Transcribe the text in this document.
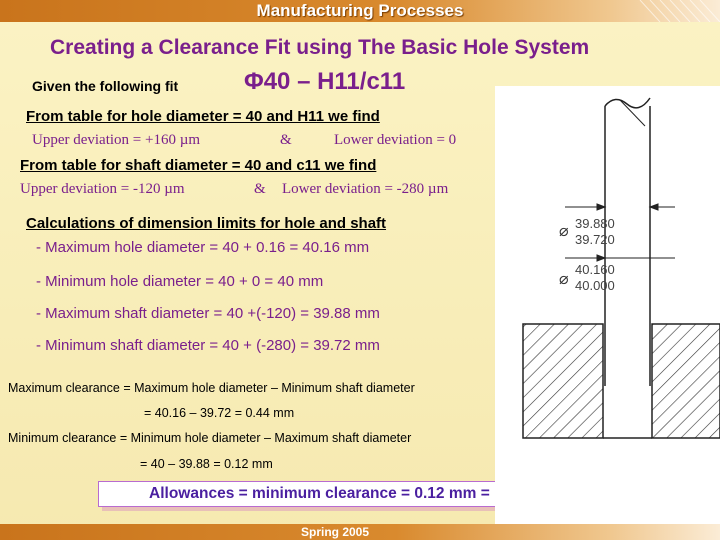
Manufacturing Processes
Creating a Clearance Fit using The Basic Hole System
Given the following fit	Φ40 – H11/c11
From table for hole diameter = 40 and H11 we find
Upper deviation = +160 µm	&	Lower deviation = 0
From table for shaft diameter = 40 and c11 we find
Upper deviation = -120 µm	& Lower deviation = -280 µm
Calculations of dimension limits for hole and shaft
- Maximum hole diameter = 40 + 0.16 = 40.16 mm
- Minimum hole diameter = 40 + 0 = 40 mm
- Maximum shaft diameter = 40 +(-120) = 39.88 mm
- Minimum shaft diameter = 40 + (-280) = 39.72 mm
Maximum clearance = Maximum hole diameter – Minimum shaft diameter
= 40.16 – 39.72 = 0.44 mm
Minimum clearance = Minimum hole diameter – Maximum shaft diameter
= 40 – 39.88 = 0.12 mm
Allowances = minimum clearance = 0.12 mm = 120 µm
⌀ 39.880
39.720
⌀ 40.160
40.000
Spring 2005
